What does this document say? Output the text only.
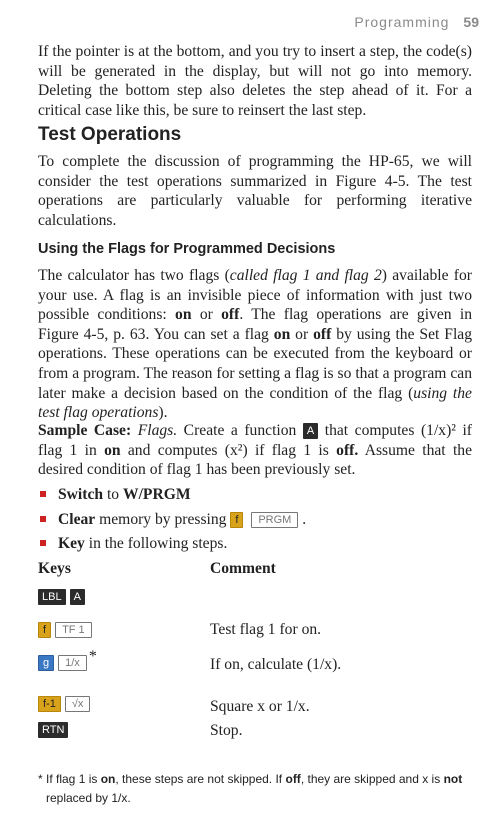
Programming 59
If the pointer is at the bottom, and you try to insert a step, the code(s) will be generated in the display, but will not go into memory. Deleting the bottom step also deletes the step ahead of it. For a critical case like this, be sure to reinsert the last step.
Test Operations
To complete the discussion of programming the HP-65, we will consider the test operations summarized in Figure 4-5. The test operations are particularly valuable for performing iterative calculations.
Using the Flags for Programmed Decisions
The calculator has two flags (called flag 1 and flag 2) available for your use. A flag is an invisible piece of information with just two possible conditions: on or off. The flag operations are given in Figure 4-5, p. 63. You can set a flag on or off by using the Set Flag operations. These operations can be executed from the keyboard or from a program. The reason for setting a flag is so that a program can later make a decision based on the condition of the flag (using the test flag operations).
Sample Case: Flags. Create a function A that computes (1/x)² if flag 1 in on and computes (x²) if flag 1 is off. Assume that the desired condition of flag 1 has been previously set.
Switch to W/PRGM
Clear memory by pressing f PRGM .
Key in the following steps.
Keys	Comment
LBL A
f TF 1	Test flag 1 for on.
g 1/x *	If on, calculate (1/x).
f-1 √x	Square x or 1/x.
RTN	Stop.
* If flag 1 is on, these steps are not skipped. If off, they are skipped and x is not
replaced by 1/x.
